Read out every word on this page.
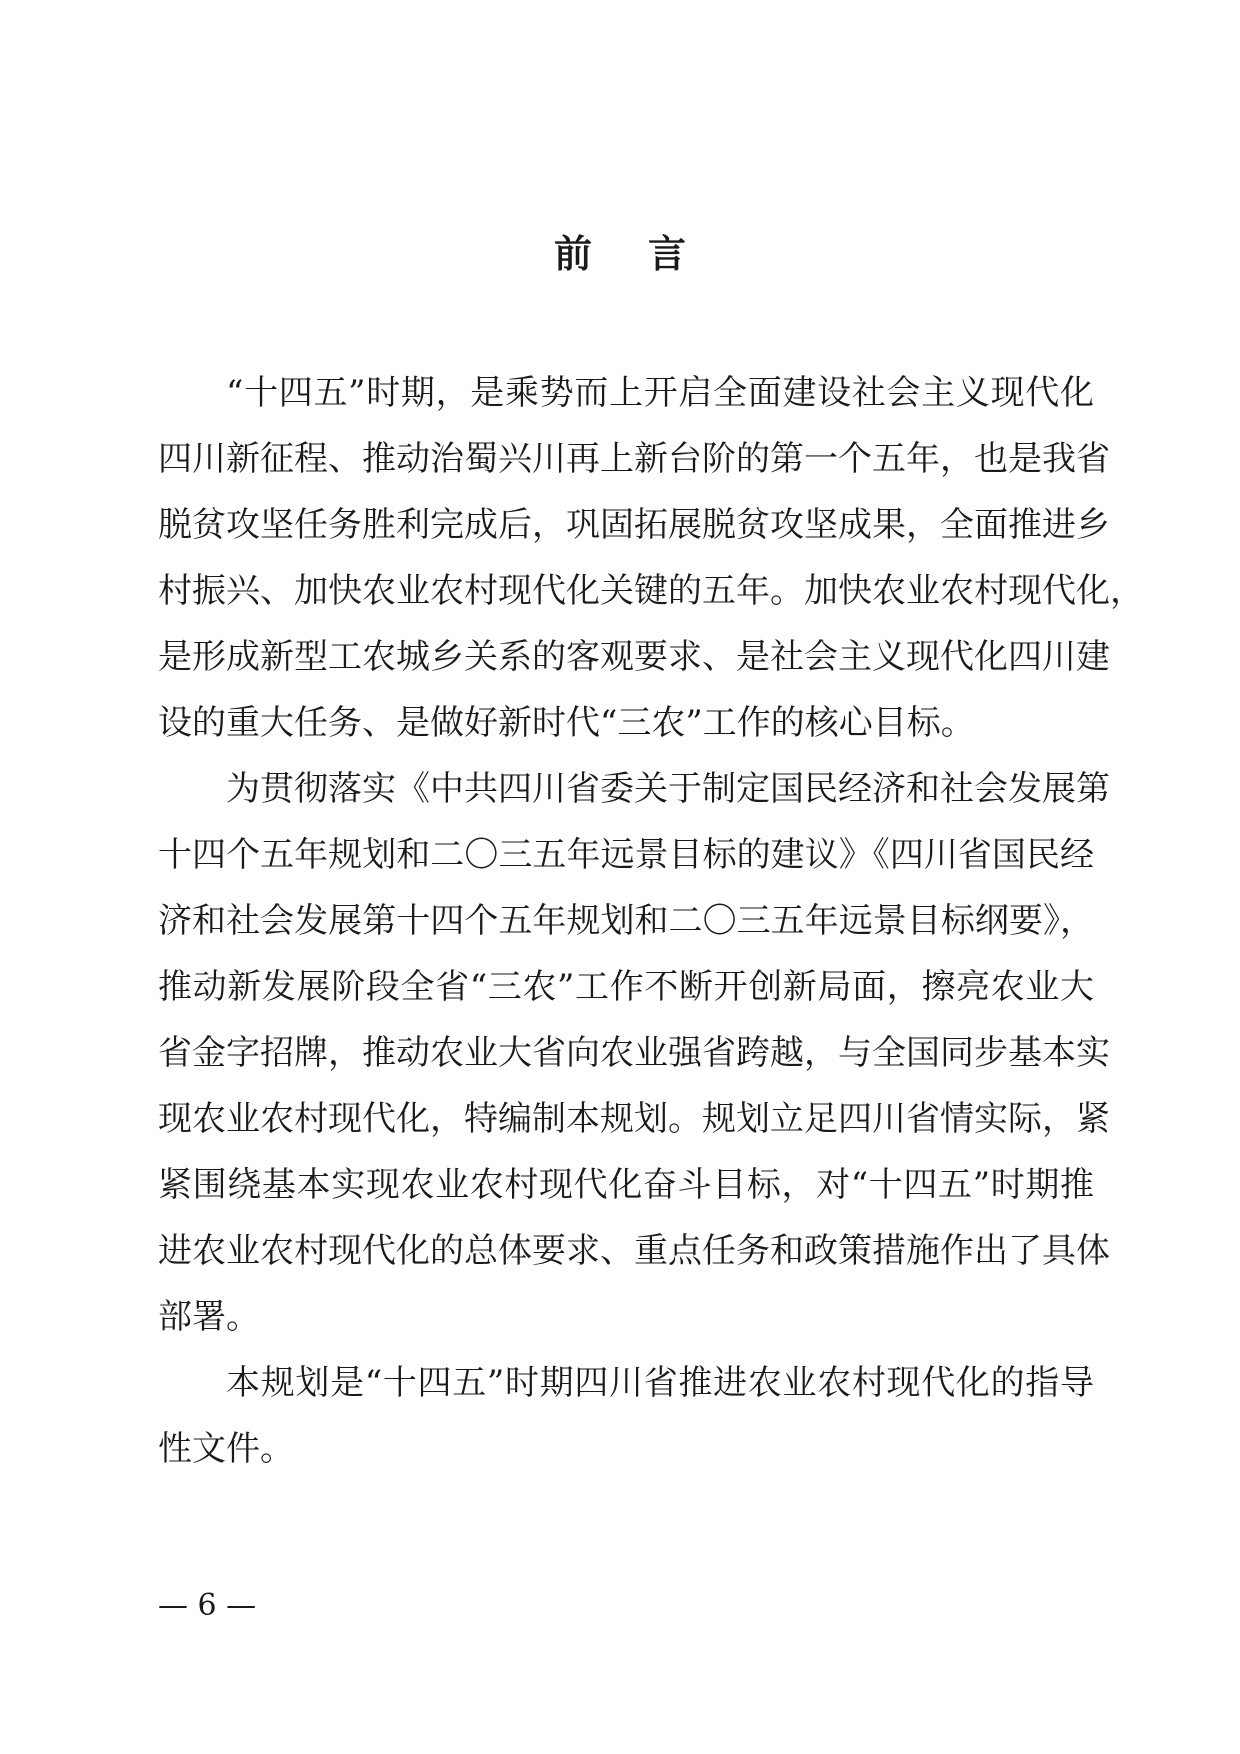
前 言
“十四五”时期，是乘势而上开启全面建设社会主义现代化
四川新征程、推动治蜀兴川再上新台阶的第一个五年，也是我省
脱贫攻坚任务胜利完成后，巩固拓展脱贫攻坚成果，全面推进乡
村振兴、加快农业农村现代化关键的五年。加快农业农村现代化，
是形成新型工农城乡关系的客观要求、是社会主义现代化四川建
设的重大任务、是做好新时代“三农”工作的核心目标。
为贯彻落实《中共四川省委关于制定国民经济和社会发展第
十四个五年规划和二〇三五年远景目标的建议》《四川省国民经
济和社会发展第十四个五年规划和二〇三五年远景目标纲要》，
推动新发展阶段全省“三农”工作不断开创新局面，擦亮农业大
省金字招牌，推动农业大省向农业强省跨越，与全国同步基本实
现农业农村现代化，特编制本规划。规划立足四川省情实际，紧
紧围绕基本实现农业农村现代化奋斗目标，对“十四五”时期推
进农业农村现代化的总体要求、重点任务和政策措施作出了具体
部署。
本规划是“十四五”时期四川省推进农业农村现代化的指导
性文件。
— 6 —
